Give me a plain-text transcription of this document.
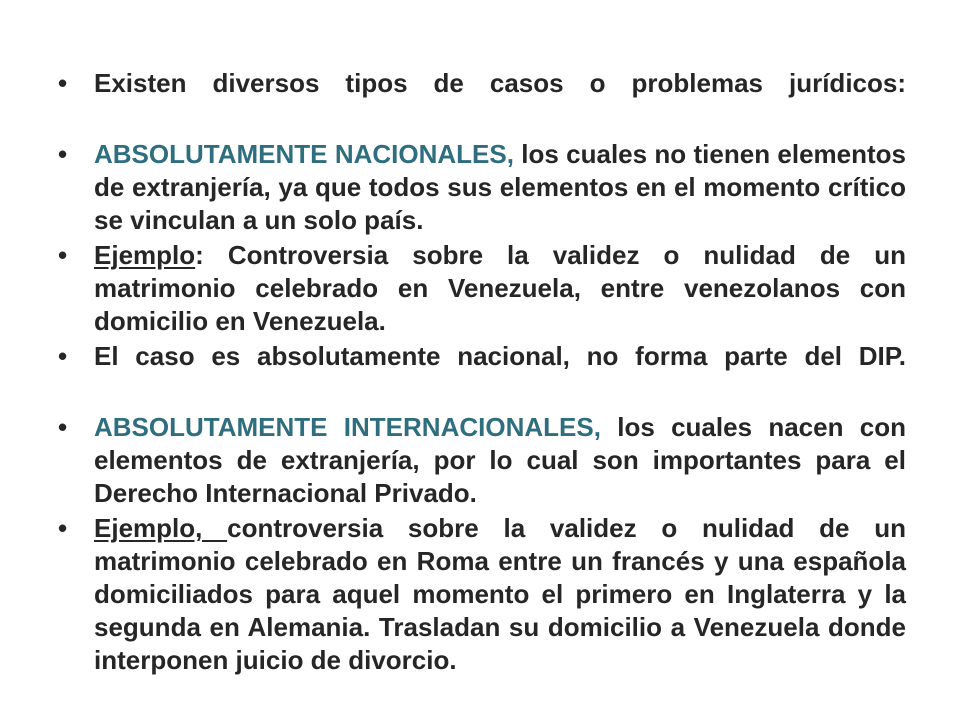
•	Existen diversos tipos de casos o problemas jurídicos:
•	ABSOLUTAMENTE NACIONALES, los cuales no tienen elementos de extranjería, ya que todos sus elementos en el momento crítico se vinculan a un solo país.
•	Ejemplo: Controversia sobre la validez o nulidad de un matrimonio celebrado en Venezuela, entre venezolanos con domicilio en Venezuela.
•	El caso es absolutamente nacional, no forma parte del DIP.
•	ABSOLUTAMENTE INTERNACIONALES, los cuales nacen con elementos de extranjería, por lo cual son importantes para el Derecho Internacional Privado.
•	Ejemplo, controversia sobre la validez o nulidad de un matrimonio celebrado en Roma entre un francés y una española domiciliados para aquel momento el primero en Inglaterra y la segunda en Alemania. Trasladan su domicilio a Venezuela donde interponen juicio de divorcio.
